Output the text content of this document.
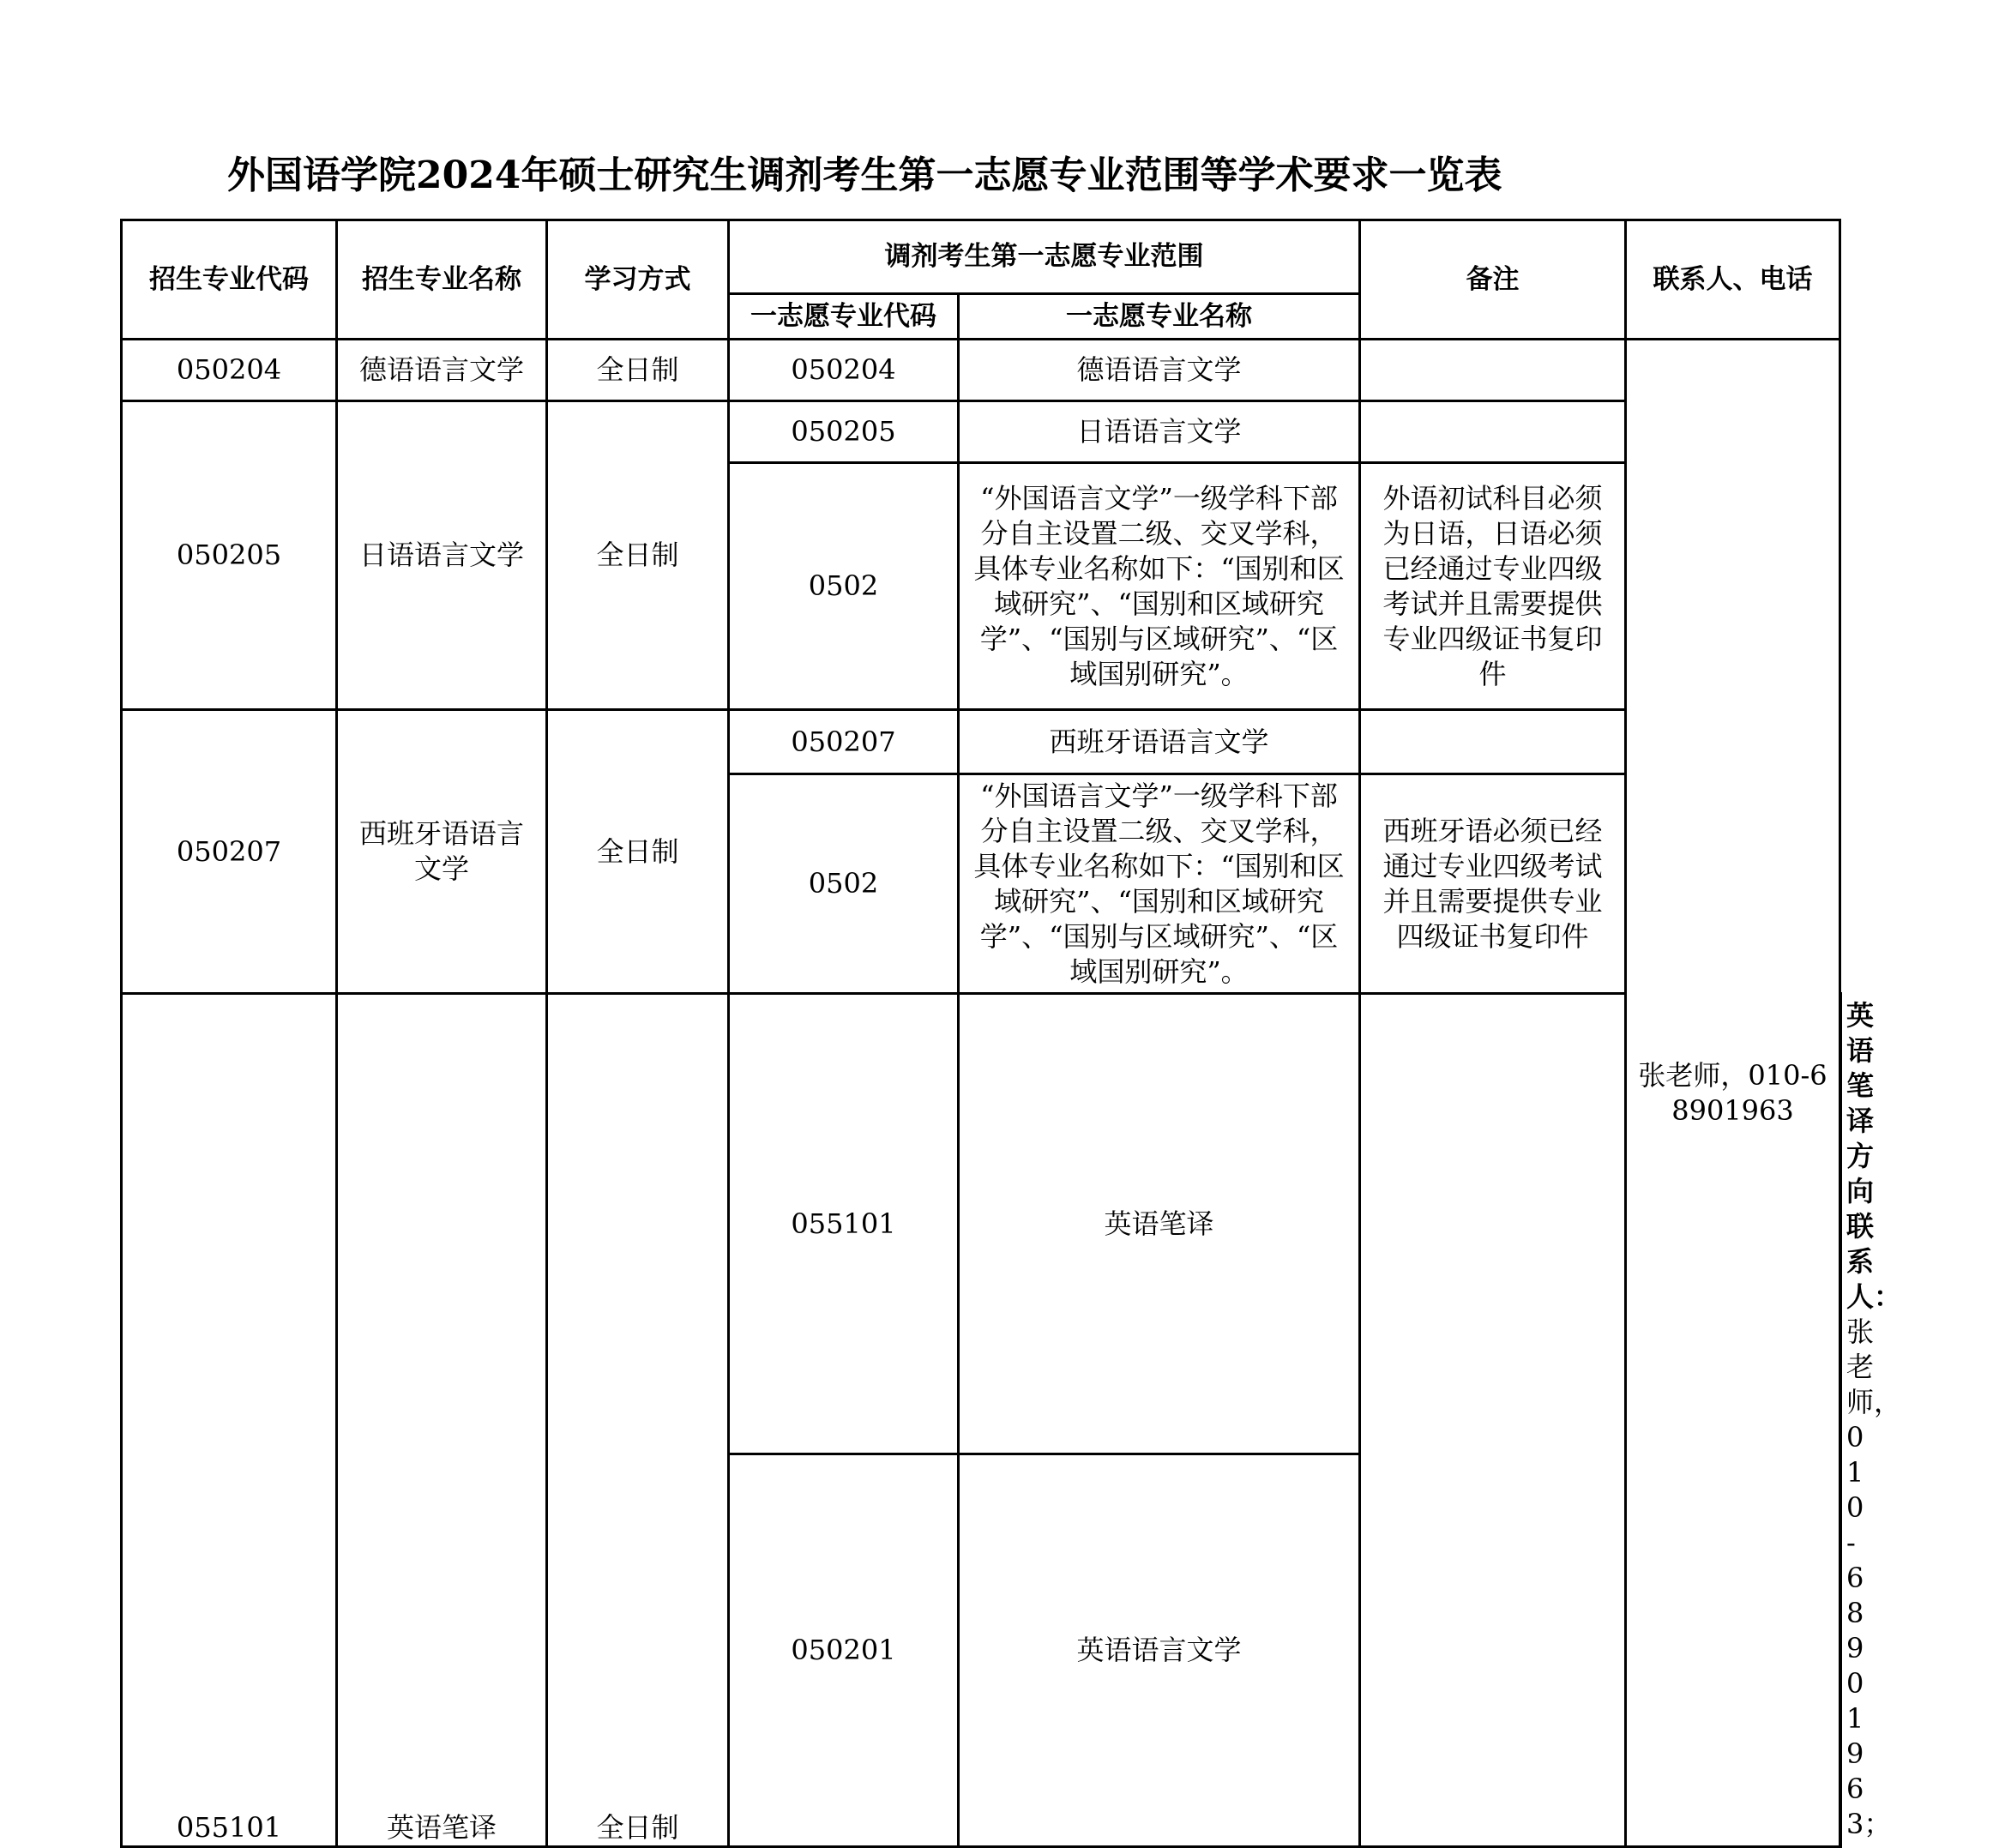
外国语学院2024年硕士研究生调剂考生第一志愿专业范围等学术要求一览表
招生专业代码	招生专业名称	学习方式	调剂考生第一志愿专业范围		备注	联系人、电话	
			一志愿专业代码	一志愿专业名称			
050204	德语语言文学	全日制	050204	德语语言文学		张老师，010-68901963	
050205	日语语言文学	全日制	050205	日语语言文学			
			0502	“外国语言文学”一级学科下部分自主设置二级、交叉学科，具体专业名称如下：“国别和区域研究”、“国别和区域研究学”、“国别与区域研究”、“区域国别研究”。	外语初试科目必须为日语，日语必须已经通过专业四级考试并且需要提供专业四级证书复印件		
050207	西班牙语语言文学	全日制	050207	西班牙语语言文学			
			0502	“外国语言文学”一级学科下部分自主设置二级、交叉学科，具体专业名称如下：“国别和区域研究”、“国别和区域研究学”、“国别与区域研究”、“区域国别研究”。	西班牙语必须已经通过专业四级考试并且需要提供专业四级证书复印件		
055101	英语笔译	全日制	055101	英语笔译			英语笔译方向联系人：张老师，010-68901963；
			050201	英语语言文学			
